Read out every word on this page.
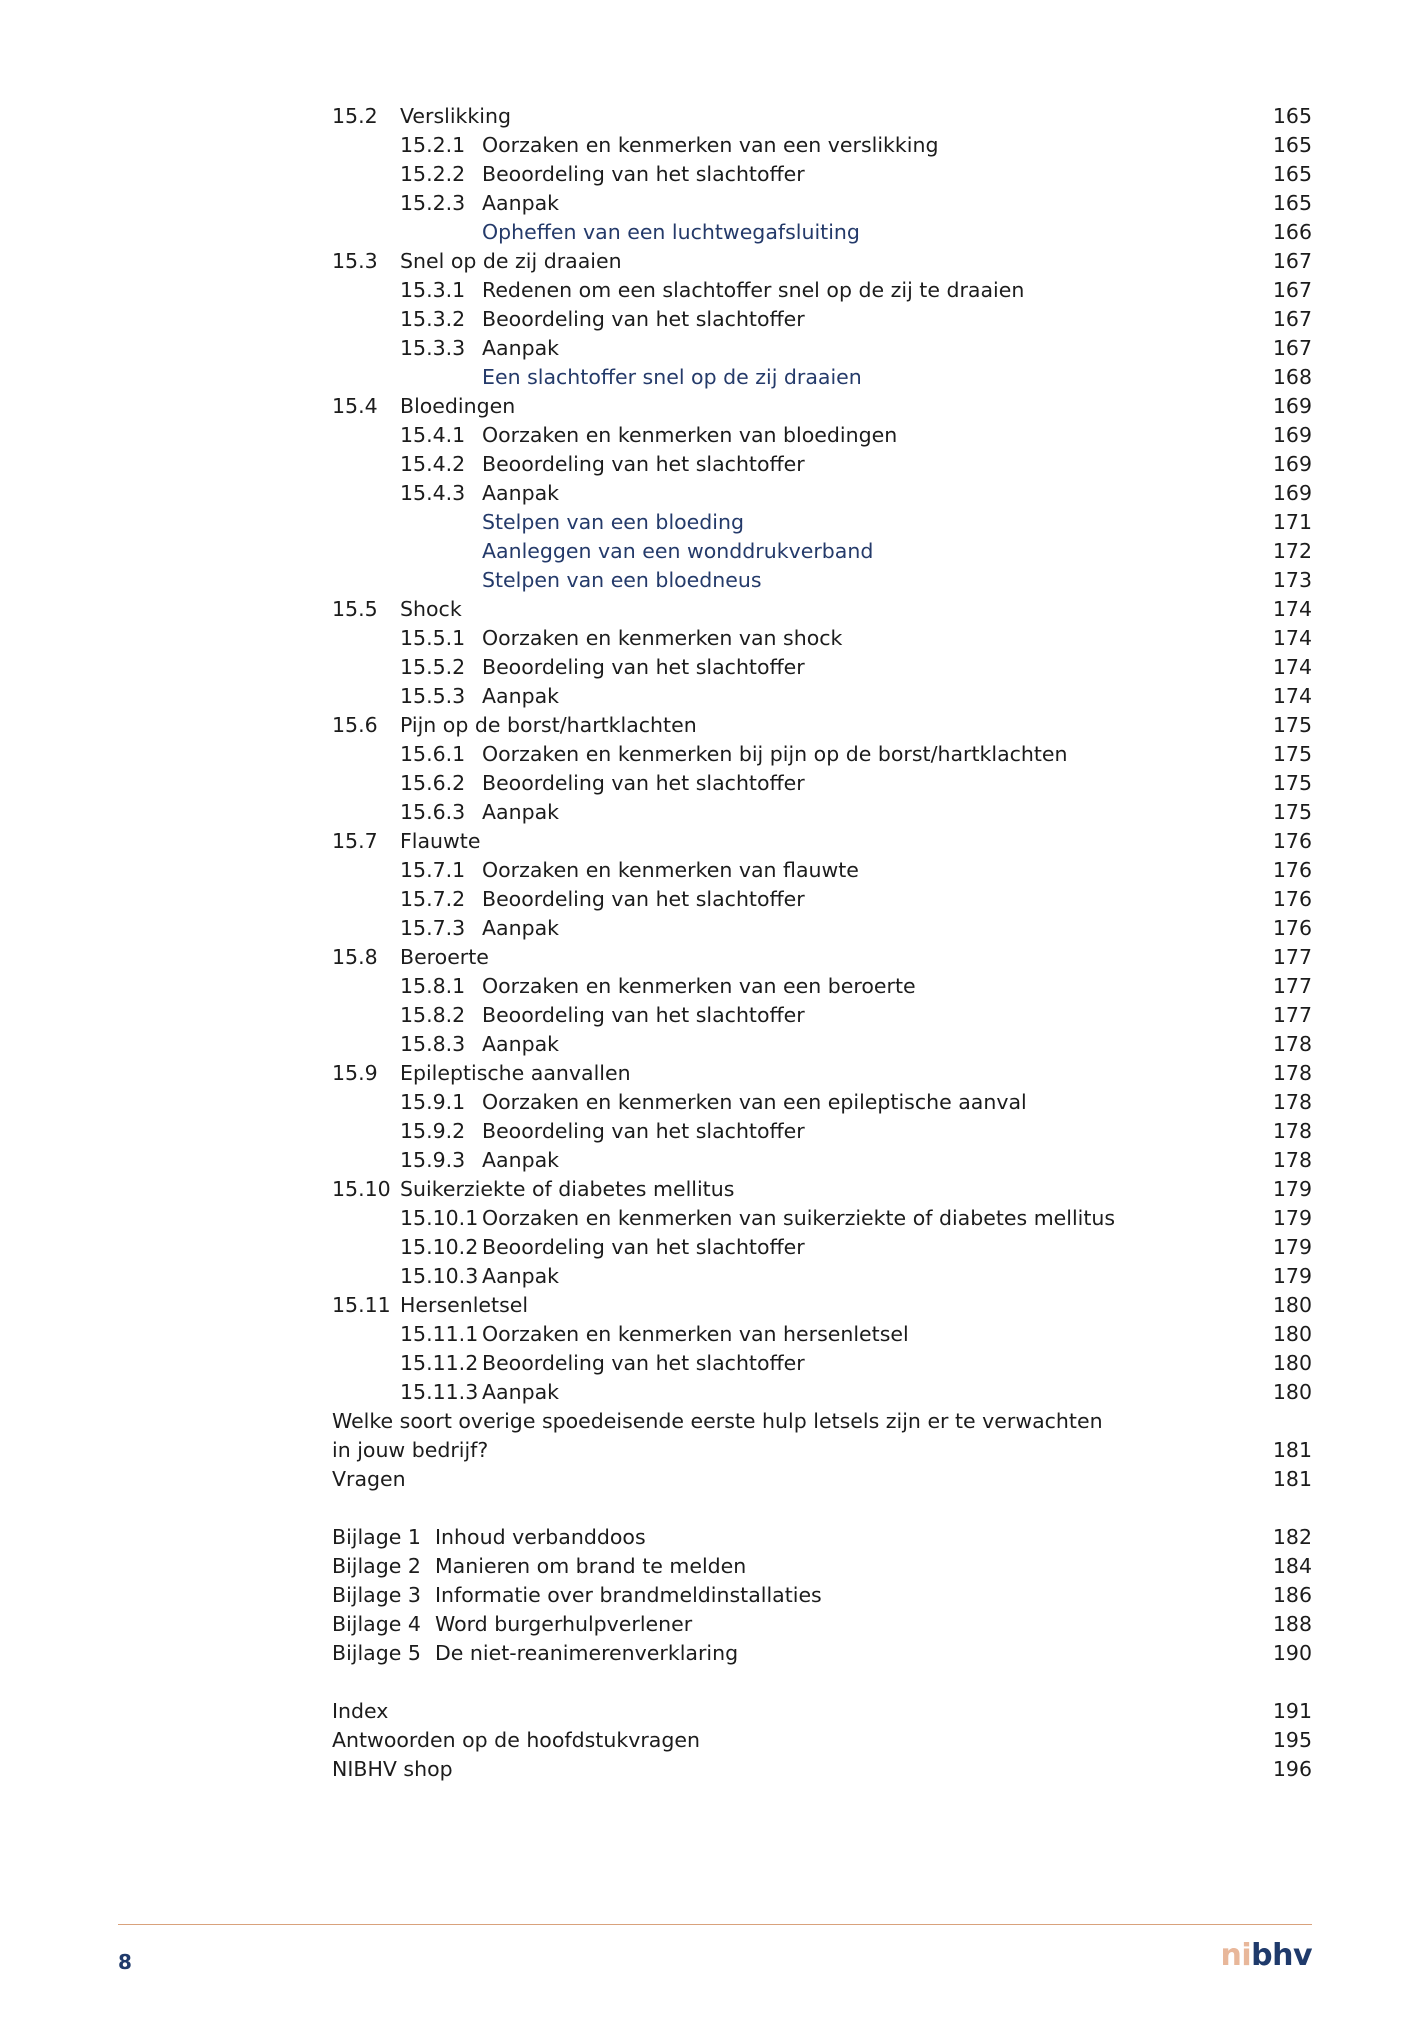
15.2 Verslikking	165
15.2.1 Oorzaken en kenmerken van een verslikking	165
15.2.2 Beoordeling van het slachtoffer	165
15.2.3 Aanpak	165
Opheffen van een luchtwegafsluiting	166
15.3 Snel op de zij draaien	167
15.3.1 Redenen om een slachtoffer snel op de zij te draaien	167
15.3.2 Beoordeling van het slachtoffer	167
15.3.3 Aanpak	167
Een slachtoffer snel op de zij draaien	168
15.4 Bloedingen	169
15.4.1 Oorzaken en kenmerken van bloedingen	169
15.4.2 Beoordeling van het slachtoffer	169
15.4.3 Aanpak	169
Stelpen van een bloeding	171
Aanleggen van een wonddrukverband	172
Stelpen van een bloedneus	173
15.5 Shock	174
15.5.1 Oorzaken en kenmerken van shock	174
15.5.2 Beoordeling van het slachtoffer	174
15.5.3 Aanpak	174
15.6 Pijn op de borst/hartklachten	175
15.6.1 Oorzaken en kenmerken bij pijn op de borst/hartklachten	175
15.6.2 Beoordeling van het slachtoffer	175
15.6.3 Aanpak	175
15.7 Flauwte	176
15.7.1 Oorzaken en kenmerken van flauwte	176
15.7.2 Beoordeling van het slachtoffer	176
15.7.3 Aanpak	176
15.8 Beroerte	177
15.8.1 Oorzaken en kenmerken van een beroerte	177
15.8.2 Beoordeling van het slachtoffer	177
15.8.3 Aanpak	178
15.9 Epileptische aanvallen	178
15.9.1 Oorzaken en kenmerken van een epileptische aanval	178
15.9.2 Beoordeling van het slachtoffer	178
15.9.3 Aanpak	178
15.10 Suikerziekte of diabetes mellitus	179
15.10.1 Oorzaken en kenmerken van suikerziekte of diabetes mellitus	179
15.10.2 Beoordeling van het slachtoffer	179
15.10.3 Aanpak	179
15.11 Hersenletsel	180
15.11.1 Oorzaken en kenmerken van hersenletsel	180
15.11.2 Beoordeling van het slachtoffer	180
15.11.3 Aanpak	180
Welke soort overige spoedeisende eerste hulp letsels zijn er te verwachten
in jouw bedrijf?	181
Vragen	181
Bijlage 1 Inhoud verbanddoos	182
Bijlage 2 Manieren om brand te melden	184
Bijlage 3 Informatie over brandmeldinstallaties	186
Bijlage 4 Word burgerhulpverlener	188
Bijlage 5 De niet-reanimerenverklaring	190
Index	191
Antwoorden op de hoofdstukvragen	195
NIBHV shop	196
8	nibhv
